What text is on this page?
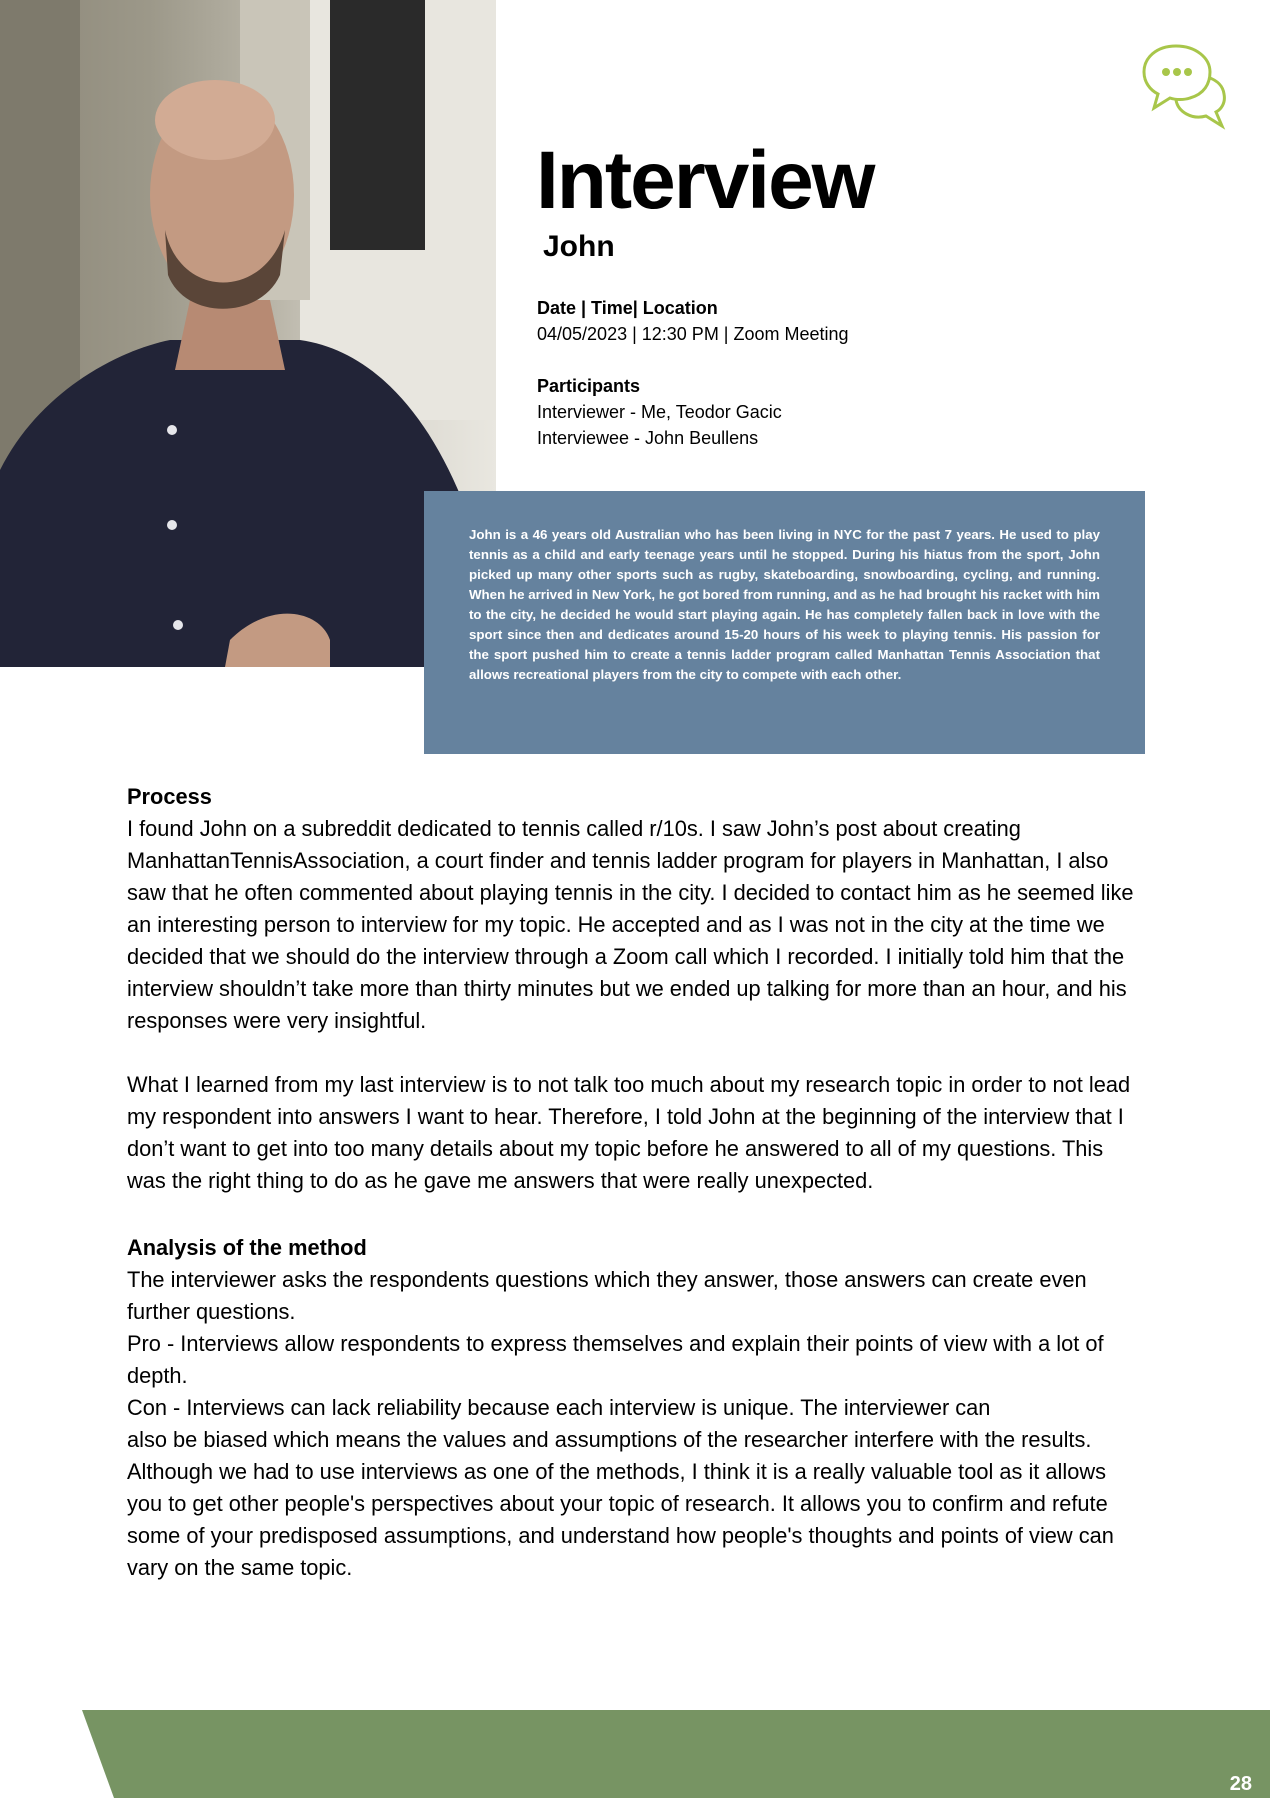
Interview
John
Date | Time| Location
04/05/2023 | 12:30 PM | Zoom Meeting
Participants
Interviewer - Me, Teodor Gacic
Interviewee - John Beullens

John is a 46 years old Australian who has been living in NYC for the past 7 years. He used to play tennis as a child and early teenage years until he stopped. During his hiatus from the sport, John picked up many other sports such as rugby, skateboarding, snowboarding, cycling, and running. When he arrived in New York, he got bored from running, and as he had brought his racket with him to the city, he decided he would start playing again. He has completely fallen back in love with the sport since then and dedicates around 15-20 hours of his week to playing tennis. His passion for the sport pushed him to create a tennis ladder program called Manhattan Tennis Association that allows recreational players from the city to compete with each other.

Process

I found John on a subreddit dedicated to tennis called r/10s. I saw John’s post about creating ManhattanTennisAssociation, a court finder and tennis ladder program for players in Manhattan, I also saw that he often commented about playing tennis in the city. I decided to contact him as he seemed like an interesting person to interview for my topic. He accepted and as I was not in the city at the time we decided that we should do the interview through a Zoom call which I recorded. I initially told him that the interview shouldn’t take more than thirty minutes but we ended up talking for more than an hour, and his responses were very insightful.

What I learned from my last interview is to not talk too much about my research topic in order to not lead my respondent into answers I want to hear. Therefore, I told John at the beginning of the interview that I don’t want to get into too many details about my topic before he answered to all of my questions. This was the right thing to do as he gave me answers that were really unexpected.

Analysis of the method

The interviewer asks the respondents questions which they answer, those answers can create even further questions.

Pro - Interviews allow respondents to express themselves and explain their points of view with a lot of depth.

Con - Interviews can lack reliability because each interview is unique. The interviewer can

also be biased which means the values and assumptions of the researcher interfere with the results.

Although we had to use interviews as one of the methods, I think it is a really valuable tool as it allows you to get other people's perspectives about your topic of research. It allows you to confirm and refute some of your predisposed assumptions, and understand how people's thoughts and points of view can vary on the same topic.

28
